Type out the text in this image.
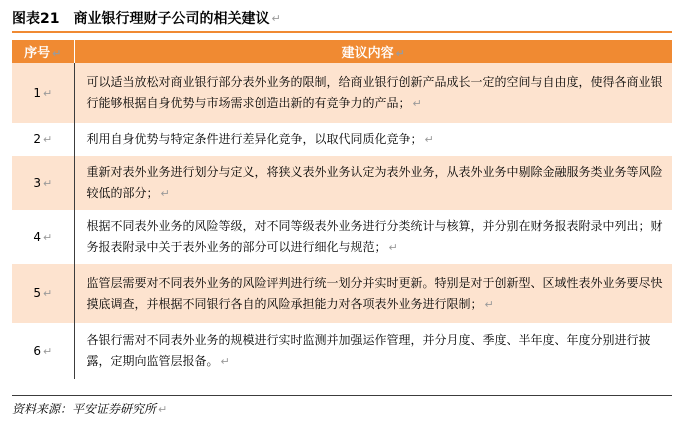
图表21 商业银行理财子公司的相关建议 ↵
序号 ↵	建议内容 ↵
1 ↵	可以适当放松对商业银行部分表外业务的限制，给商业银行创新产品成长一定的空间与自由度，使得各商业银行能够根据自身优势与市场需求创造出新的有竞争力的产品； ↵
2 ↵	利用自身优势与特定条件进行差异化竞争，以取代同质化竞争； ↵
3 ↵	重新对表外业务进行划分与定义，将狭义表外业务认定为表外业务，从表外业务中剔除金融服务类业务等风险较低的部分； ↵
4 ↵	根据不同表外业务的风险等级，对不同等级表外业务进行分类统计与核算，并分别在财务报表附录中列出；财务报表附录中关于表外业务的部分可以进行细化与规范； ↵
5 ↵	监管层需要对不同表外业务的风险评判进行统一划分并实时更新。特别是对于创新型、区域性表外业务要尽快摸底调查，并根据不同银行各自的风险承担能力对各项表外业务进行限制； ↵
6 ↵	各银行需对不同表外业务的规模进行实时监测并加强运作管理，并分月度、季度、半年度、年度分别进行披露，定期向监管层报备。 ↵
资料来源：平安证券研究所 ↵
